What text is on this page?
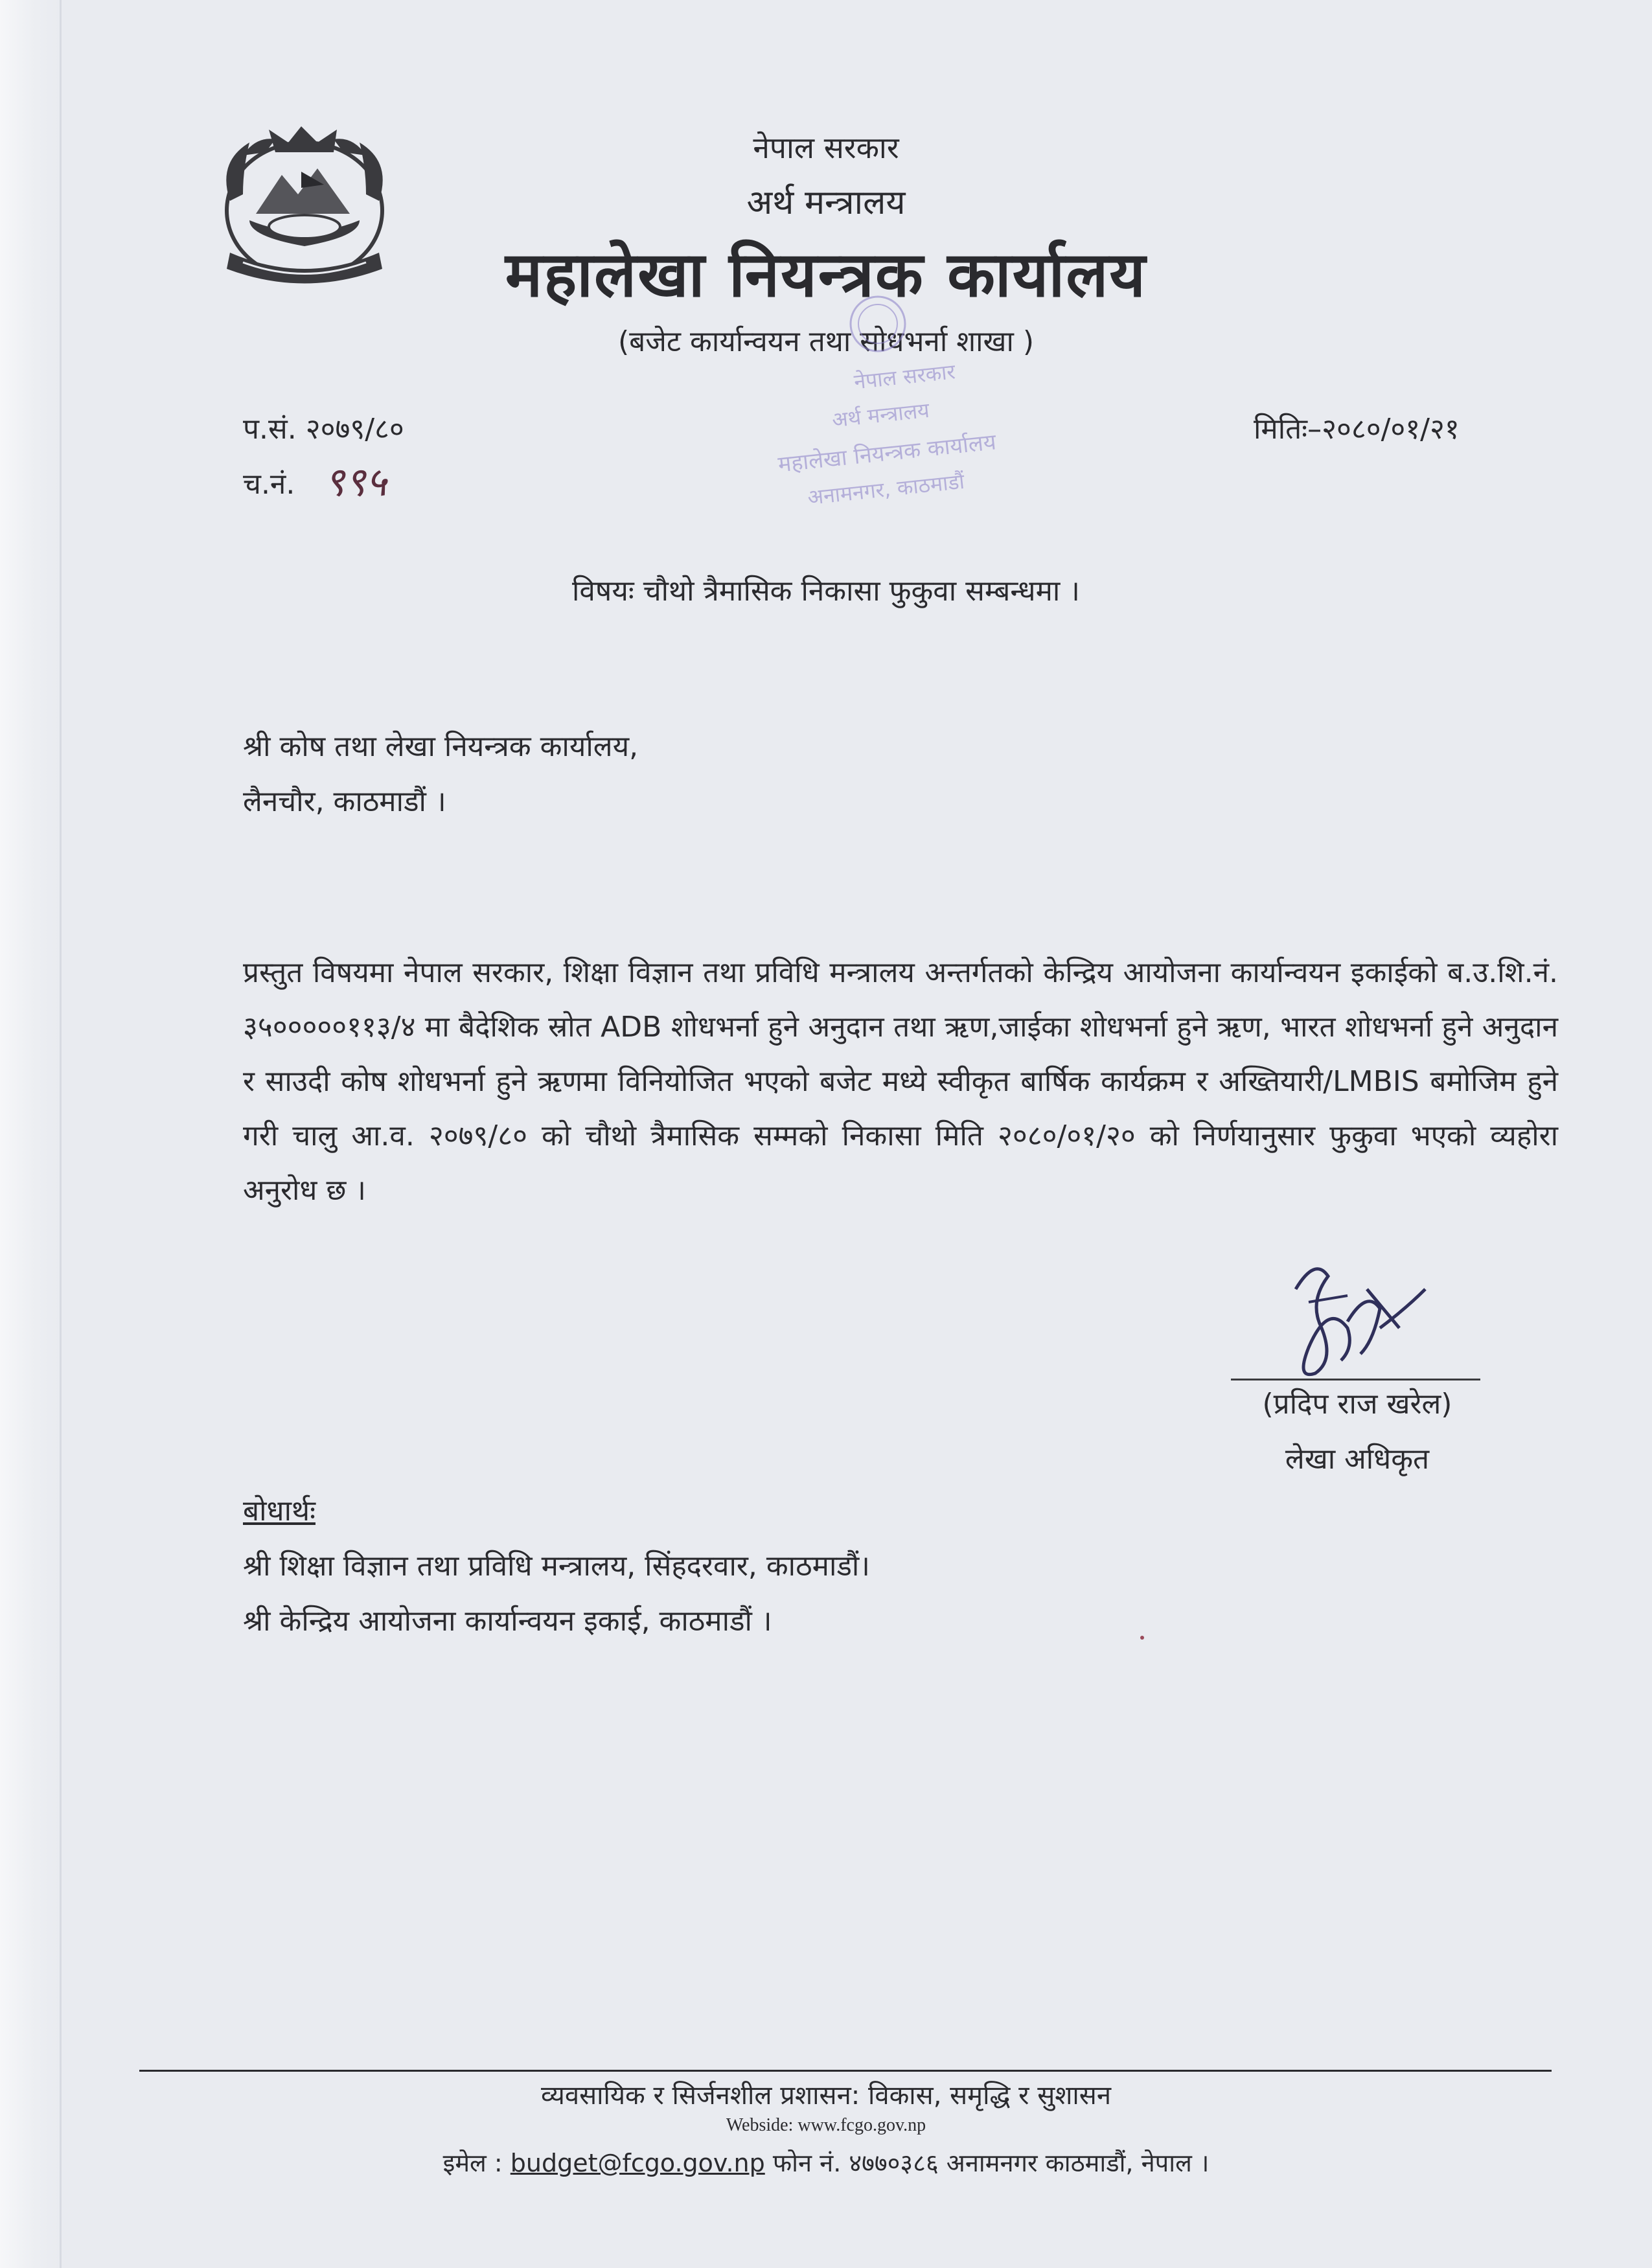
नेपाल सरकार
अर्थ मन्त्रालय
महालेखा नियन्त्रक कार्यालय
(बजेट कार्यान्वयन तथा सोधभर्ना शाखा )
नेपाल सरकार
अर्थ मन्त्रालय
महालेखा नियन्त्रक कार्यालय
अनामनगर, काठमाडौं
प.सं. २०७९/८०
च.नं. ९९५
मितिः–२०८०/०१/२१
विषयः चौथो त्रैमासिक निकासा फुकुवा सम्बन्धमा ।
श्री कोष तथा लेखा नियन्त्रक कार्यालय,
लैनचौर, काठमाडौं ।
प्रस्तुत विषयमा नेपाल सरकार, शिक्षा विज्ञान तथा प्रविधि मन्त्रालय अन्तर्गतको केन्द्रिय आयोजना कार्यान्वयन इकाईको ब.उ.शि.नं. ३५०००००११३/४ मा बैदेशिक स्रोत ADB शोधभर्ना हुने अनुदान तथा ऋण,जाईका शोधभर्ना हुने ऋण, भारत शोधभर्ना हुने अनुदान र साउदी कोष शोधभर्ना हुने ऋणमा विनियोजित भएको बजेट मध्ये स्वीकृत बार्षिक कार्यक्रम र अख्तियारी/LMBIS बमोजिम हुने गरी चालु आ.व. २०७९/८० को चौथो त्रैमासिक सम्मको निकासा मिति २०८०/०१/२० को निर्णयानुसार फुकुवा भएको व्यहोरा अनुरोध छ ।
(प्रदिप राज खरेल)
लेखा अधिकृत
बोधार्थः
श्री शिक्षा विज्ञान तथा प्रविधि मन्त्रालय, सिंहदरवार, काठमाडौं।
श्री केन्द्रिय आयोजना कार्यान्वयन इकाई, काठमाडौं ।
व्यवसायिक र सिर्जनशील प्रशासन: विकास, समृद्धि र सुशासन
Webside: www.fcgo.gov.np
इमेल : budget@fcgo.gov.np फोन नं. ४७७०३८६ अनामनगर काठमाडौं, नेपाल ।
